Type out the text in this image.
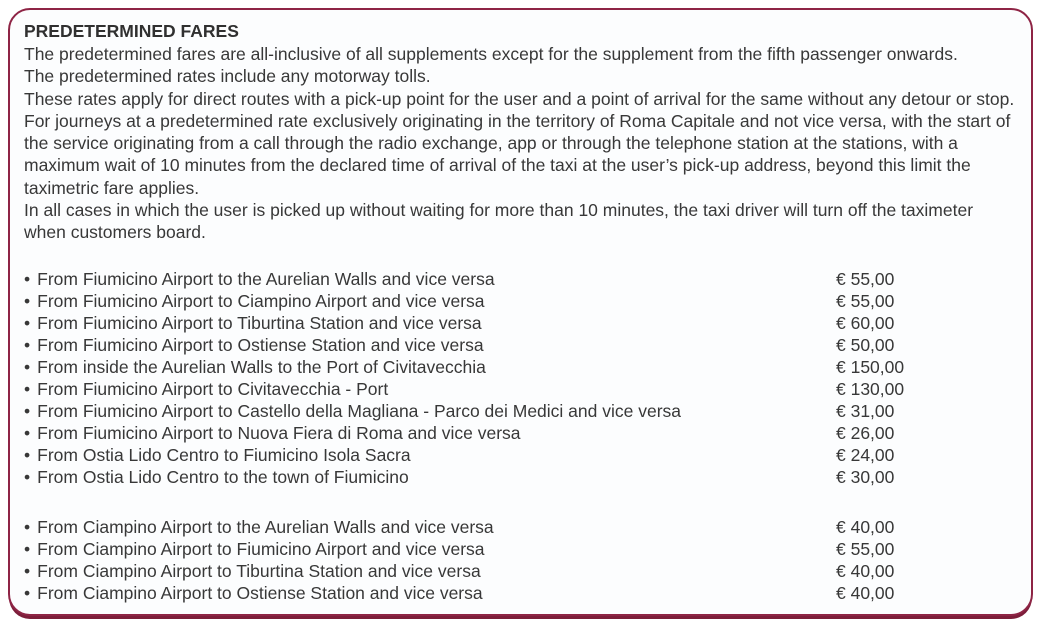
PREDETERMINED FARES

The predetermined fares are all-inclusive of all supplements except for the supplement from the fifth passenger onwards.

The predetermined rates include any motorway tolls.

These rates apply for direct routes with a pick-up point for the user and a point of arrival for the same without any detour or stop. For journeys at a predetermined rate exclusively originating in the territory of Roma Capitale and not vice versa, with the start of the service originating from a call through the radio exchange, app or through the telephone station at the stations, with a maximum wait of 10 minutes from the declared time of arrival of the taxi at the user’s pick-up address, beyond this limit the taximetric fare applies.

In all cases in which the user is picked up without waiting for more than 10 minutes, the taxi driver will turn off the taximeter when customers board.

• From Fiumicino Airport to the Aurelian Walls and vice versa	€ 55,00
• From Fiumicino Airport to Ciampino Airport and vice versa	€ 55,00
• From Fiumicino Airport to Tiburtina Station and vice versa	€ 60,00
• From Fiumicino Airport to Ostiense Station and vice versa	€ 50,00
• From inside the Aurelian Walls to the Port of Civitavecchia	€ 150,00
• From Fiumicino Airport to Civitavecchia - Port	€ 130,00
• From Fiumicino Airport to Castello della Magliana - Parco dei Medici and vice versa	€ 31,00
• From Fiumicino Airport to Nuova Fiera di Roma and vice versa	€ 26,00
• From Ostia Lido Centro to Fiumicino Isola Sacra	€ 24,00
• From Ostia Lido Centro to the town of Fiumicino	€ 30,00
• From Ciampino Airport to the Aurelian Walls and vice versa	€ 40,00
• From Ciampino Airport to Fiumicino Airport and vice versa	€ 55,00
• From Ciampino Airport to Tiburtina Station and vice versa	€ 40,00
• From Ciampino Airport to Ostiense Station and vice versa	€ 40,00
